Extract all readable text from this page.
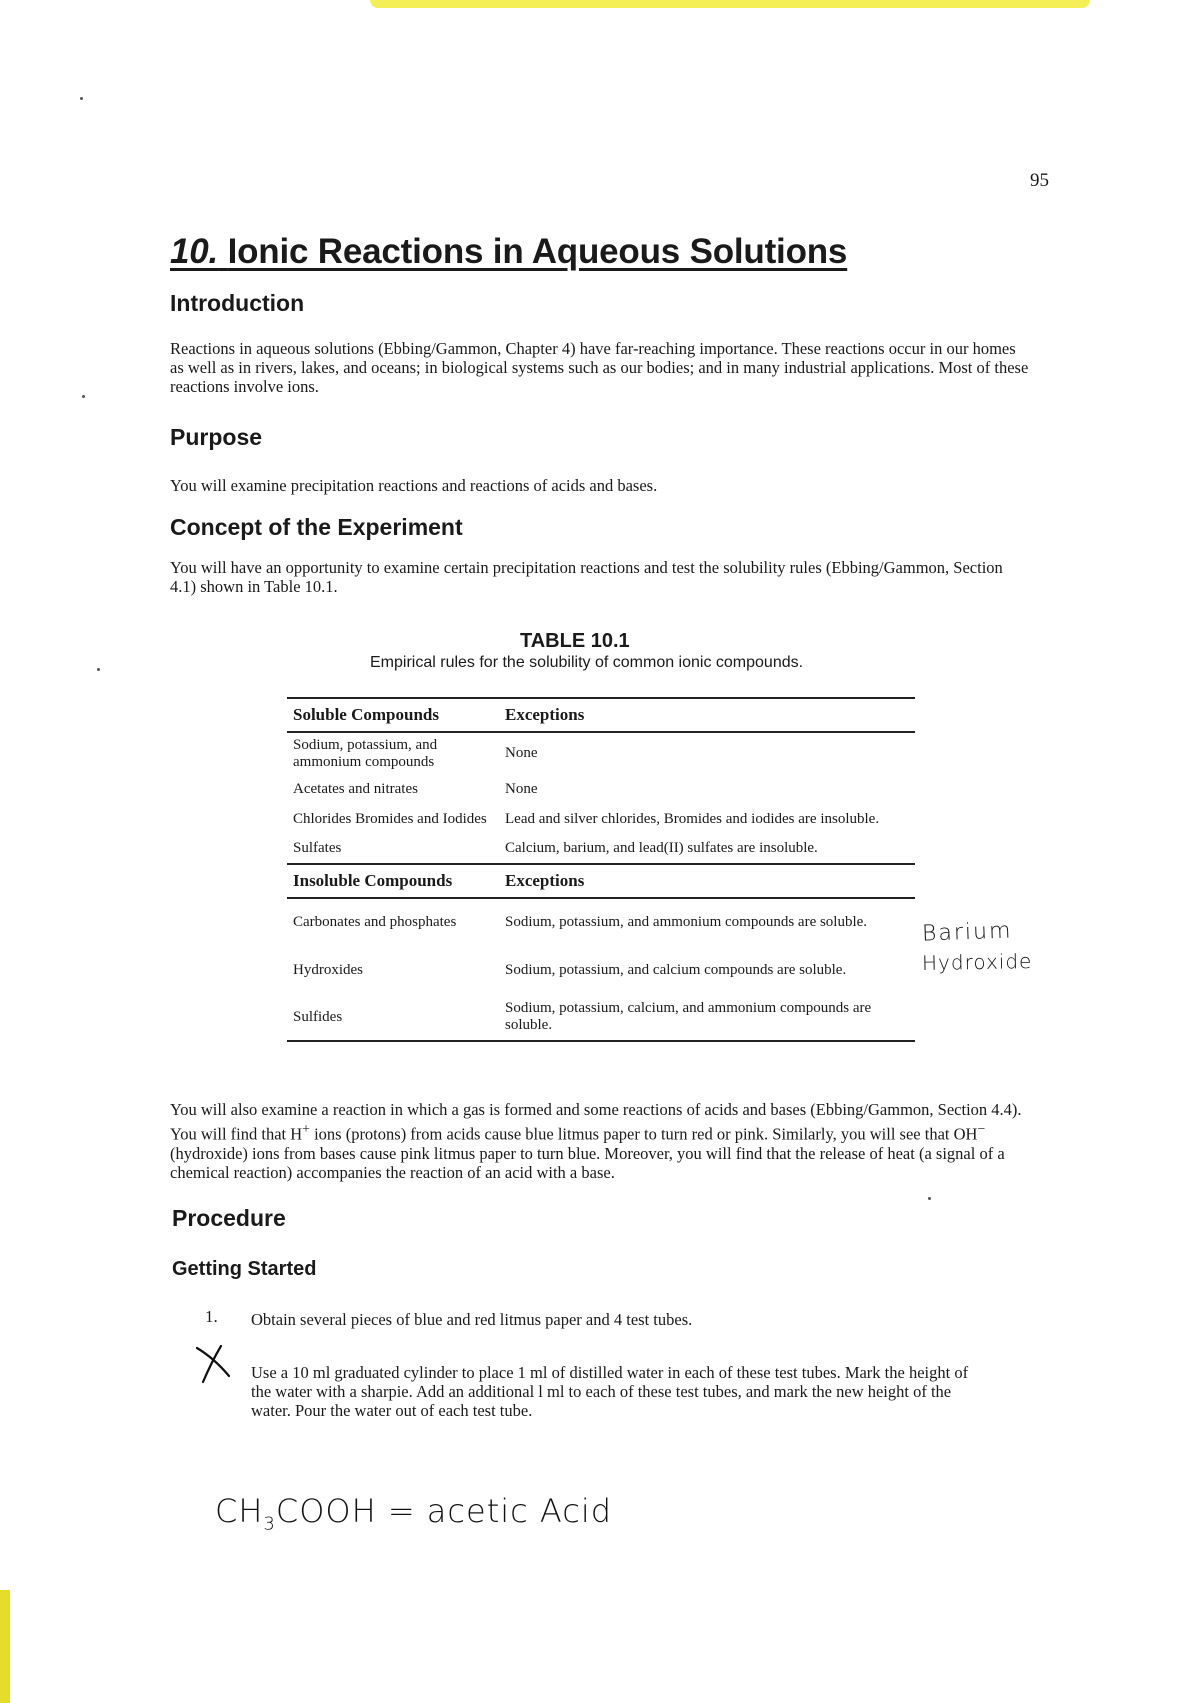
95
10. Ionic Reactions in Aqueous Solutions
Introduction

Reactions in aqueous solutions (Ebbing/Gammon, Chapter 4) have far-reaching importance. These reactions occur in our homes as well as in rivers, lakes, and oceans; in biological systems such as our bodies; and in many industrial applications. Most of these reactions involve ions.

Purpose

You will examine precipitation reactions and reactions of acids and bases.

Concept of the Experiment

You will have an opportunity to examine certain precipitation reactions and test the solubility rules (Ebbing/Gammon, Section 4.1) shown in Table 10.1.

TABLE 10.1
Empirical rules for the solubility of common ionic compounds.
Soluble Compounds	Exceptions
Sodium, potassium, and ammonium compounds	None
Acetates and nitrates	None
Chlorides Bromides and Iodides	Lead and silver chlorides, Bromides and iodides are insoluble.
Sulfates	Calcium, barium, and lead(II) sulfates are insoluble.
Insoluble Compounds	Exceptions
Carbonates and phosphates	Sodium, potassium, and ammonium compounds are soluble.
Hydroxides	Sodium, potassium, and calcium compounds are soluble.
Sulfides	Sodium, potassium, calcium, and ammonium compounds are soluble.
Barium
Hydroxide

You will also examine a reaction in which a gas is formed and some reactions of acids and bases (Ebbing/Gammon, Section 4.4). You will find that H+ ions (protons) from acids cause blue litmus paper to turn red or pink. Similarly, you will see that OH− (hydroxide) ions from bases cause pink litmus paper to turn blue. Moreover, you will find that the release of heat (a signal of a chemical reaction) accompanies the reaction of an acid with a base.

Procedure
Getting Started
1. Obtain several pieces of blue and red litmus paper and 4 test tubes.

Use a 10 ml graduated cylinder to place 1 ml of distilled water in each of these test tubes. Mark the height of the water with a sharpie. Add an additional l ml to each of these test tubes, and mark the new height of the water. Pour the water out of each test tube.

$CH_3COOH$ = acetic Acid
